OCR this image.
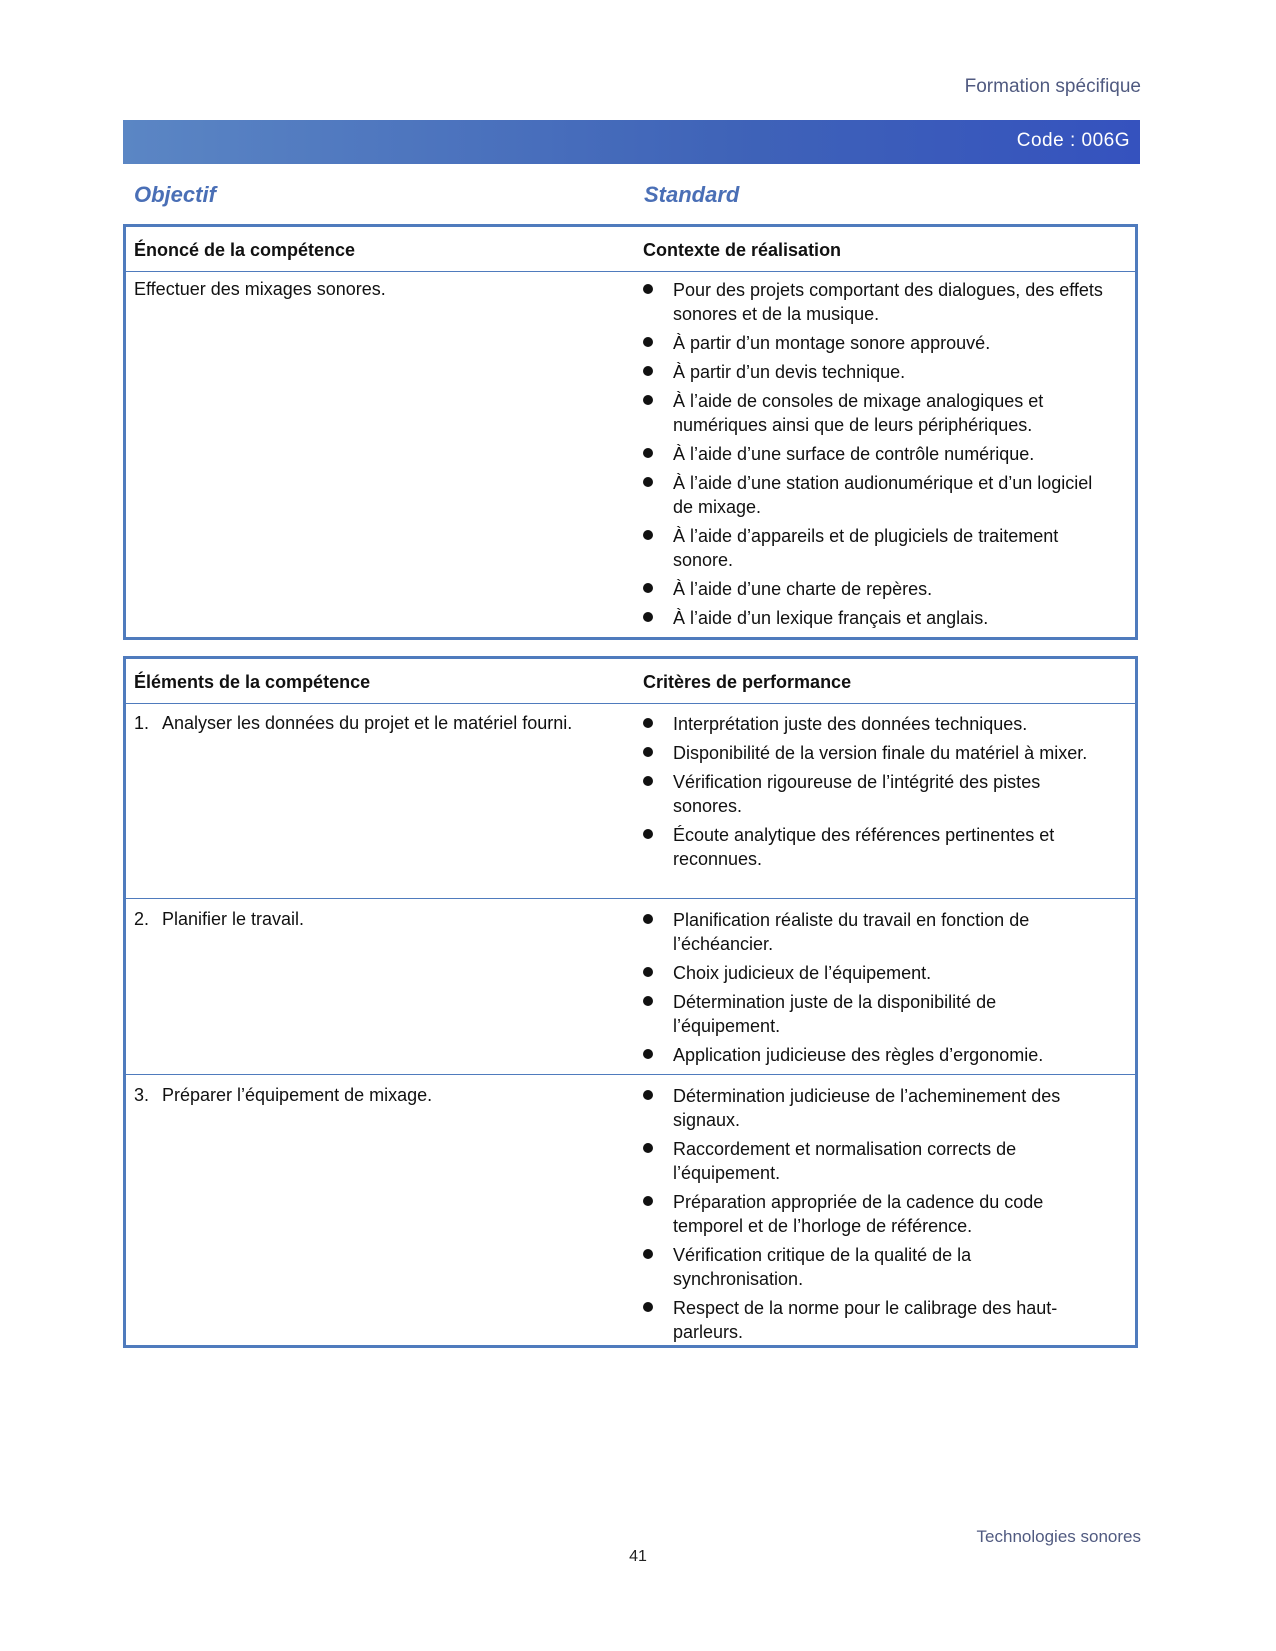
Formation spécifique
Code : 006G
Objectif	Standard
Énoncé de la compétence	Contexte de réalisation
Effectuer des mixages sonores.	Pour des projets comportant des dialogues, des effets sonores et de la musique.
À partir d’un montage sonore approuvé.
À partir d’un devis technique.
À l’aide de consoles de mixage analogiques et numériques ainsi que de leurs périphériques.
À l’aide d’une surface de contrôle numérique.
À l’aide d’une station audionumérique et d’un logiciel de mixage.
À l’aide d’appareils et de plugiciels de traitement sonore.
À l’aide d’une charte de repères.
À l’aide d’un lexique français et anglais.
Éléments de la compétence	Critères de performance
1. Analyser les données du projet et le matériel fourni.	Interprétation juste des données techniques.
Disponibilité de la version finale du matériel à mixer.
Vérification rigoureuse de l’intégrité des pistes sonores.
Écoute analytique des références pertinentes et reconnues.
2. Planifier le travail.	Planification réaliste du travail en fonction de l’échéancier.
Choix judicieux de l’équipement.
Détermination juste de la disponibilité de l’équipement.
Application judicieuse des règles d’ergonomie.
3. Préparer l’équipement de mixage.	Détermination judicieuse de l’acheminement des signaux.
Raccordement et normalisation corrects de l’équipement.
Préparation appropriée de la cadence du code temporel et de l’horloge de référence.
Vérification critique de la qualité de la synchronisation.
Respect de la norme pour le calibrage des haut-parleurs.
Technologies sonores
41
